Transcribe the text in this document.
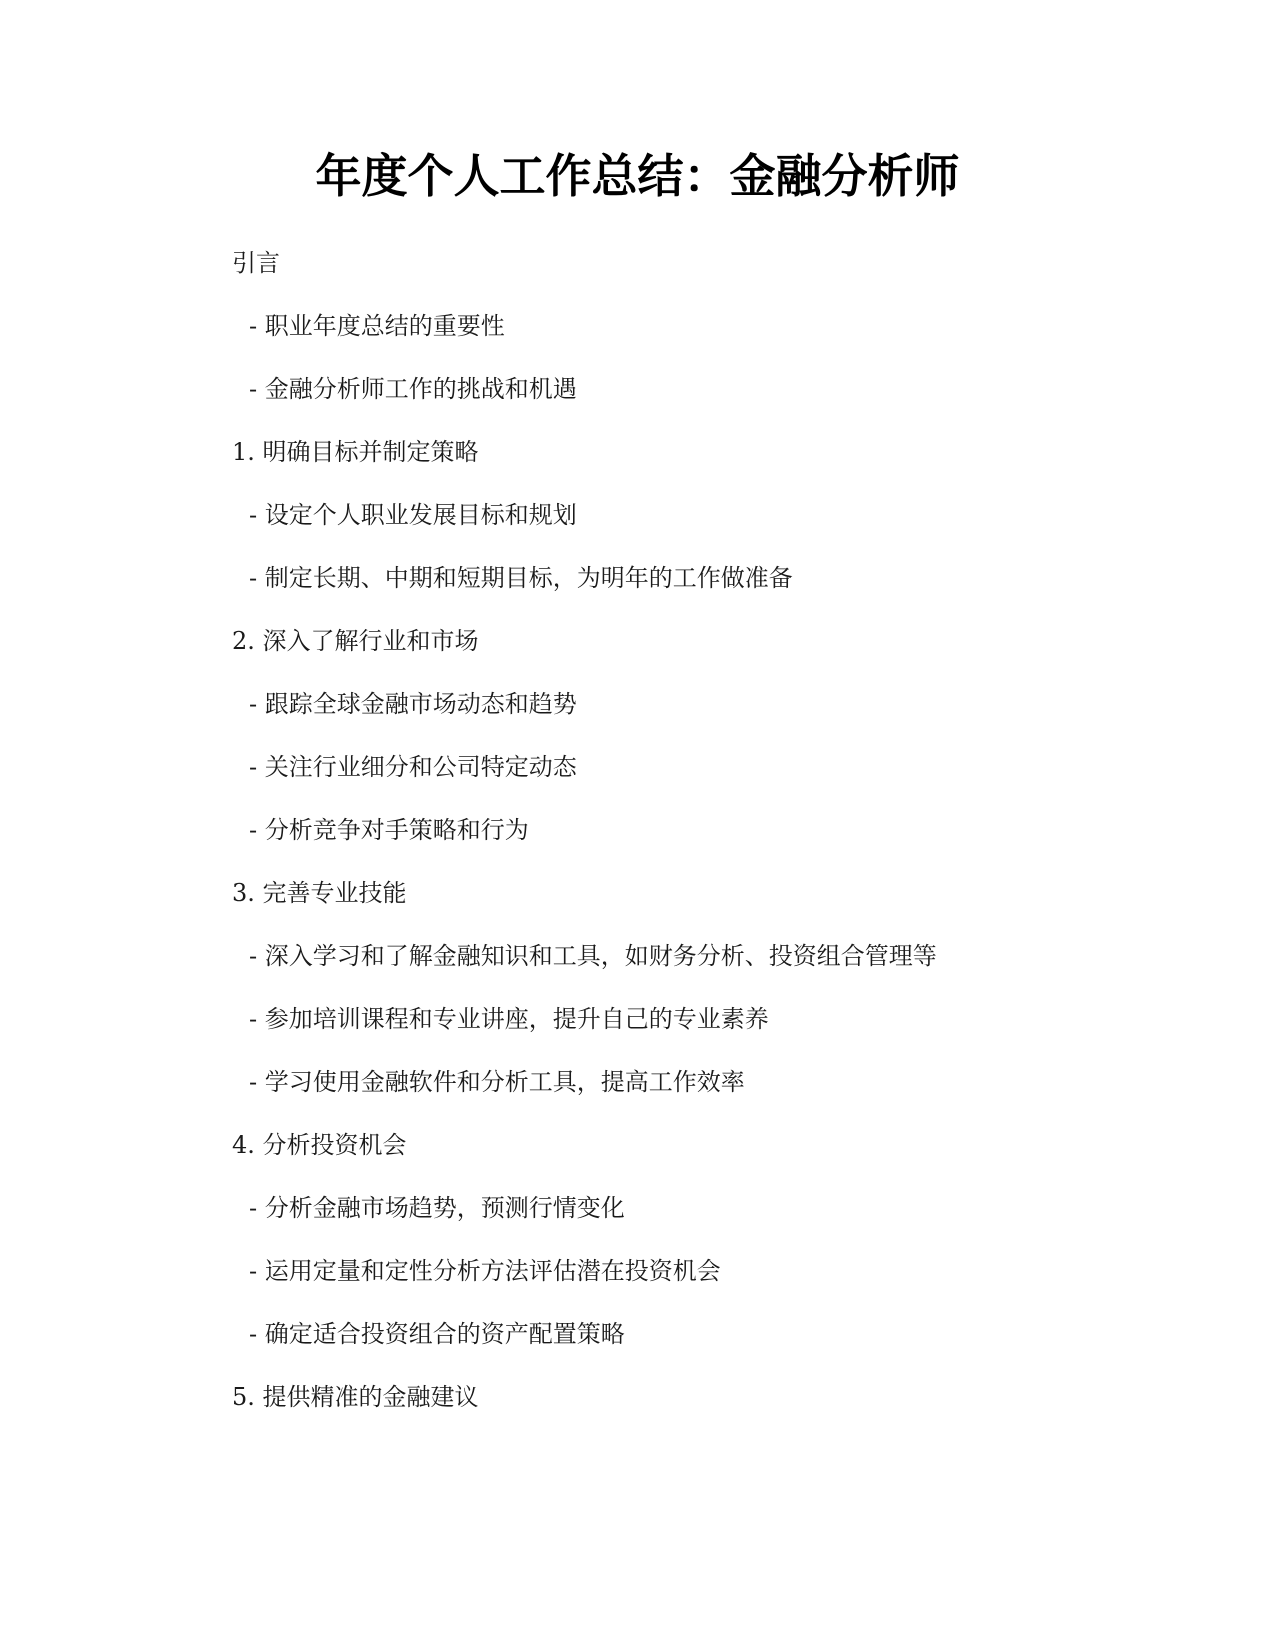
年度个人工作总结：金融分析师
引言
- 职业年度总结的重要性
- 金融分析师工作的挑战和机遇
1. 明确目标并制定策略
- 设定个人职业发展目标和规划
- 制定长期、中期和短期目标，为明年的工作做准备
2. 深入了解行业和市场
- 跟踪全球金融市场动态和趋势
- 关注行业细分和公司特定动态
- 分析竞争对手策略和行为
3. 完善专业技能
- 深入学习和了解金融知识和工具，如财务分析、投资组合管理等
- 参加培训课程和专业讲座，提升自己的专业素养
- 学习使用金融软件和分析工具，提高工作效率
4. 分析投资机会
- 分析金融市场趋势，预测行情变化
- 运用定量和定性分析方法评估潜在投资机会
- 确定适合投资组合的资产配置策略
5. 提供精准的金融建议
